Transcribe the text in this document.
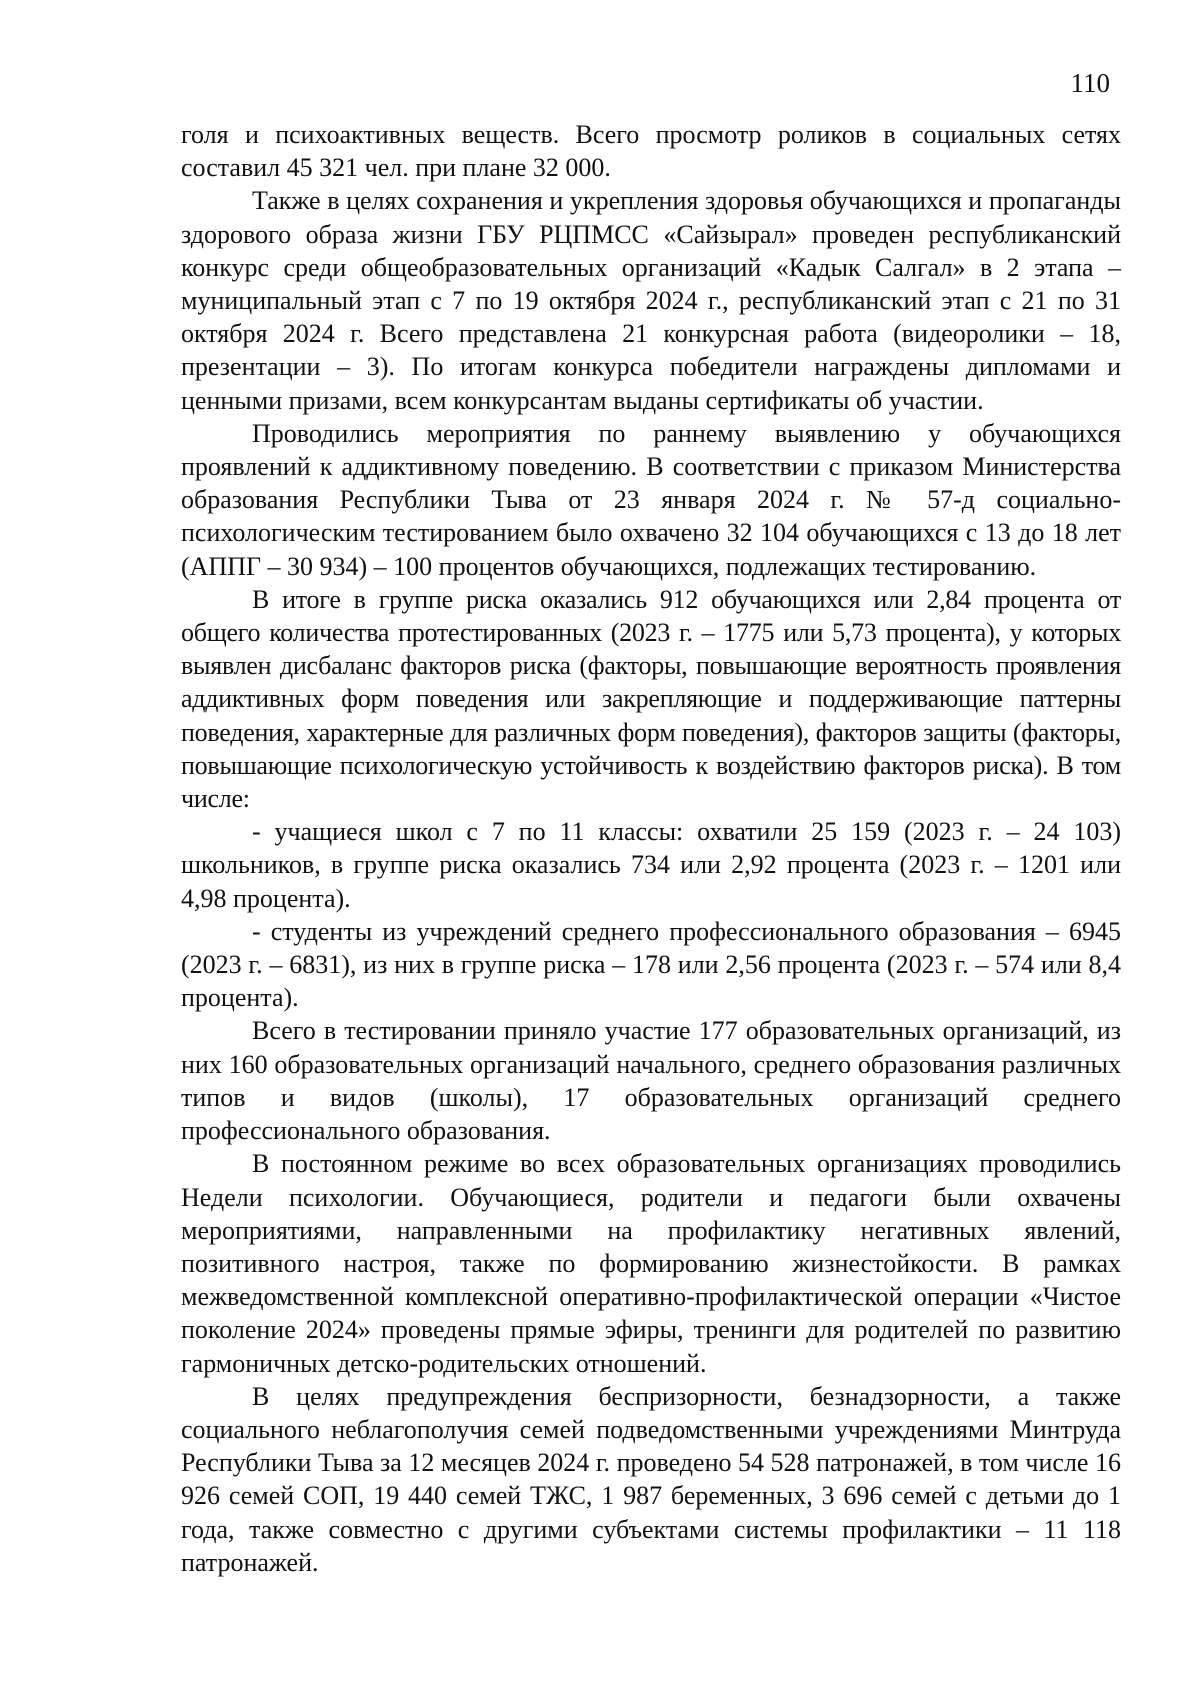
110

голя и психоактивных веществ. Всего просмотр роликов в социальных сетях составил 45 321 чел. при плане 32 000.

Также в целях сохранения и укрепления здоровья обучающихся и пропаганды здорового образа жизни ГБУ РЦПМСС «Сайзырал» проведен республиканский конкурс среди общеобразовательных организаций «Кадык Салгал» в 2 этапа – муниципальный этап с 7 по 19 октября 2024 г., республиканский этап с 21 по 31 октября 2024 г. Всего представлена 21 конкурсная работа (видеоролики – 18, презентации – 3). По итогам конкурса победители награждены дипломами и ценными призами, всем конкурсантам выданы сертификаты об участии.

Проводились мероприятия по раннему выявлению у обучающихся проявлений к аддиктивному поведению. В соответствии с приказом Министерства образования Республики Тыва от 23 января 2024 г. № 57-д социально-психологическим тестированием было охвачено 32 104 обучающихся с 13 до 18 лет (АППГ – 30 934) – 100 процентов обучающихся, подлежащих тестированию.

В итоге в группе риска оказались 912 обучающихся или 2,84 процента от общего количества протестированных (2023 г. – 1775 или 5,73 процента), у которых выявлен дисбаланс факторов риска (факторы, повышающие вероятность проявления аддиктивных форм поведения или закрепляющие и поддерживающие паттерны поведения, характерные для различных форм поведения), факторов защиты (факторы, повышающие психологическую устойчивость к воздействию факторов риска). В том числе:

- учащиеся школ с 7 по 11 классы: охватили 25 159 (2023 г. – 24 103) школьников, в группе риска оказались 734 или 2,92 процента (2023 г. – 1201 или 4,98 процента).

- студенты из учреждений среднего профессионального образования – 6945 (2023 г. – 6831), из них в группе риска – 178 или 2,56 процента (2023 г. – 574 или 8,4 процента).

Всего в тестировании приняло участие 177 образовательных организаций, из них 160 образовательных организаций начального, среднего образования различных типов и видов (школы), 17 образовательных организаций среднего профессионального образования.

В постоянном режиме во всех образовательных организациях проводились Недели психологии. Обучающиеся, родители и педагоги были охвачены мероприятиями, направленными на профилактику негативных явлений, позитивного настроя, также по формированию жизнестойкости. В рамках межведомственной комплексной оперативно-профилактической операции «Чистое поколение 2024» проведены прямые эфиры, тренинги для родителей по развитию гармоничных детско-родительских отношений.

В целях предупреждения беспризорности, безнадзорности, а также социального неблагополучия семей подведомственными учреждениями Минтруда Республики Тыва за 12 месяцев 2024 г. проведено 54 528 патронажей, в том числе 16 926 семей СОП, 19 440 семей ТЖС, 1 987 беременных, 3 696 семей с детьми до 1 года, также совместно с другими субъектами системы профилактики – 11 118 патронажей.
